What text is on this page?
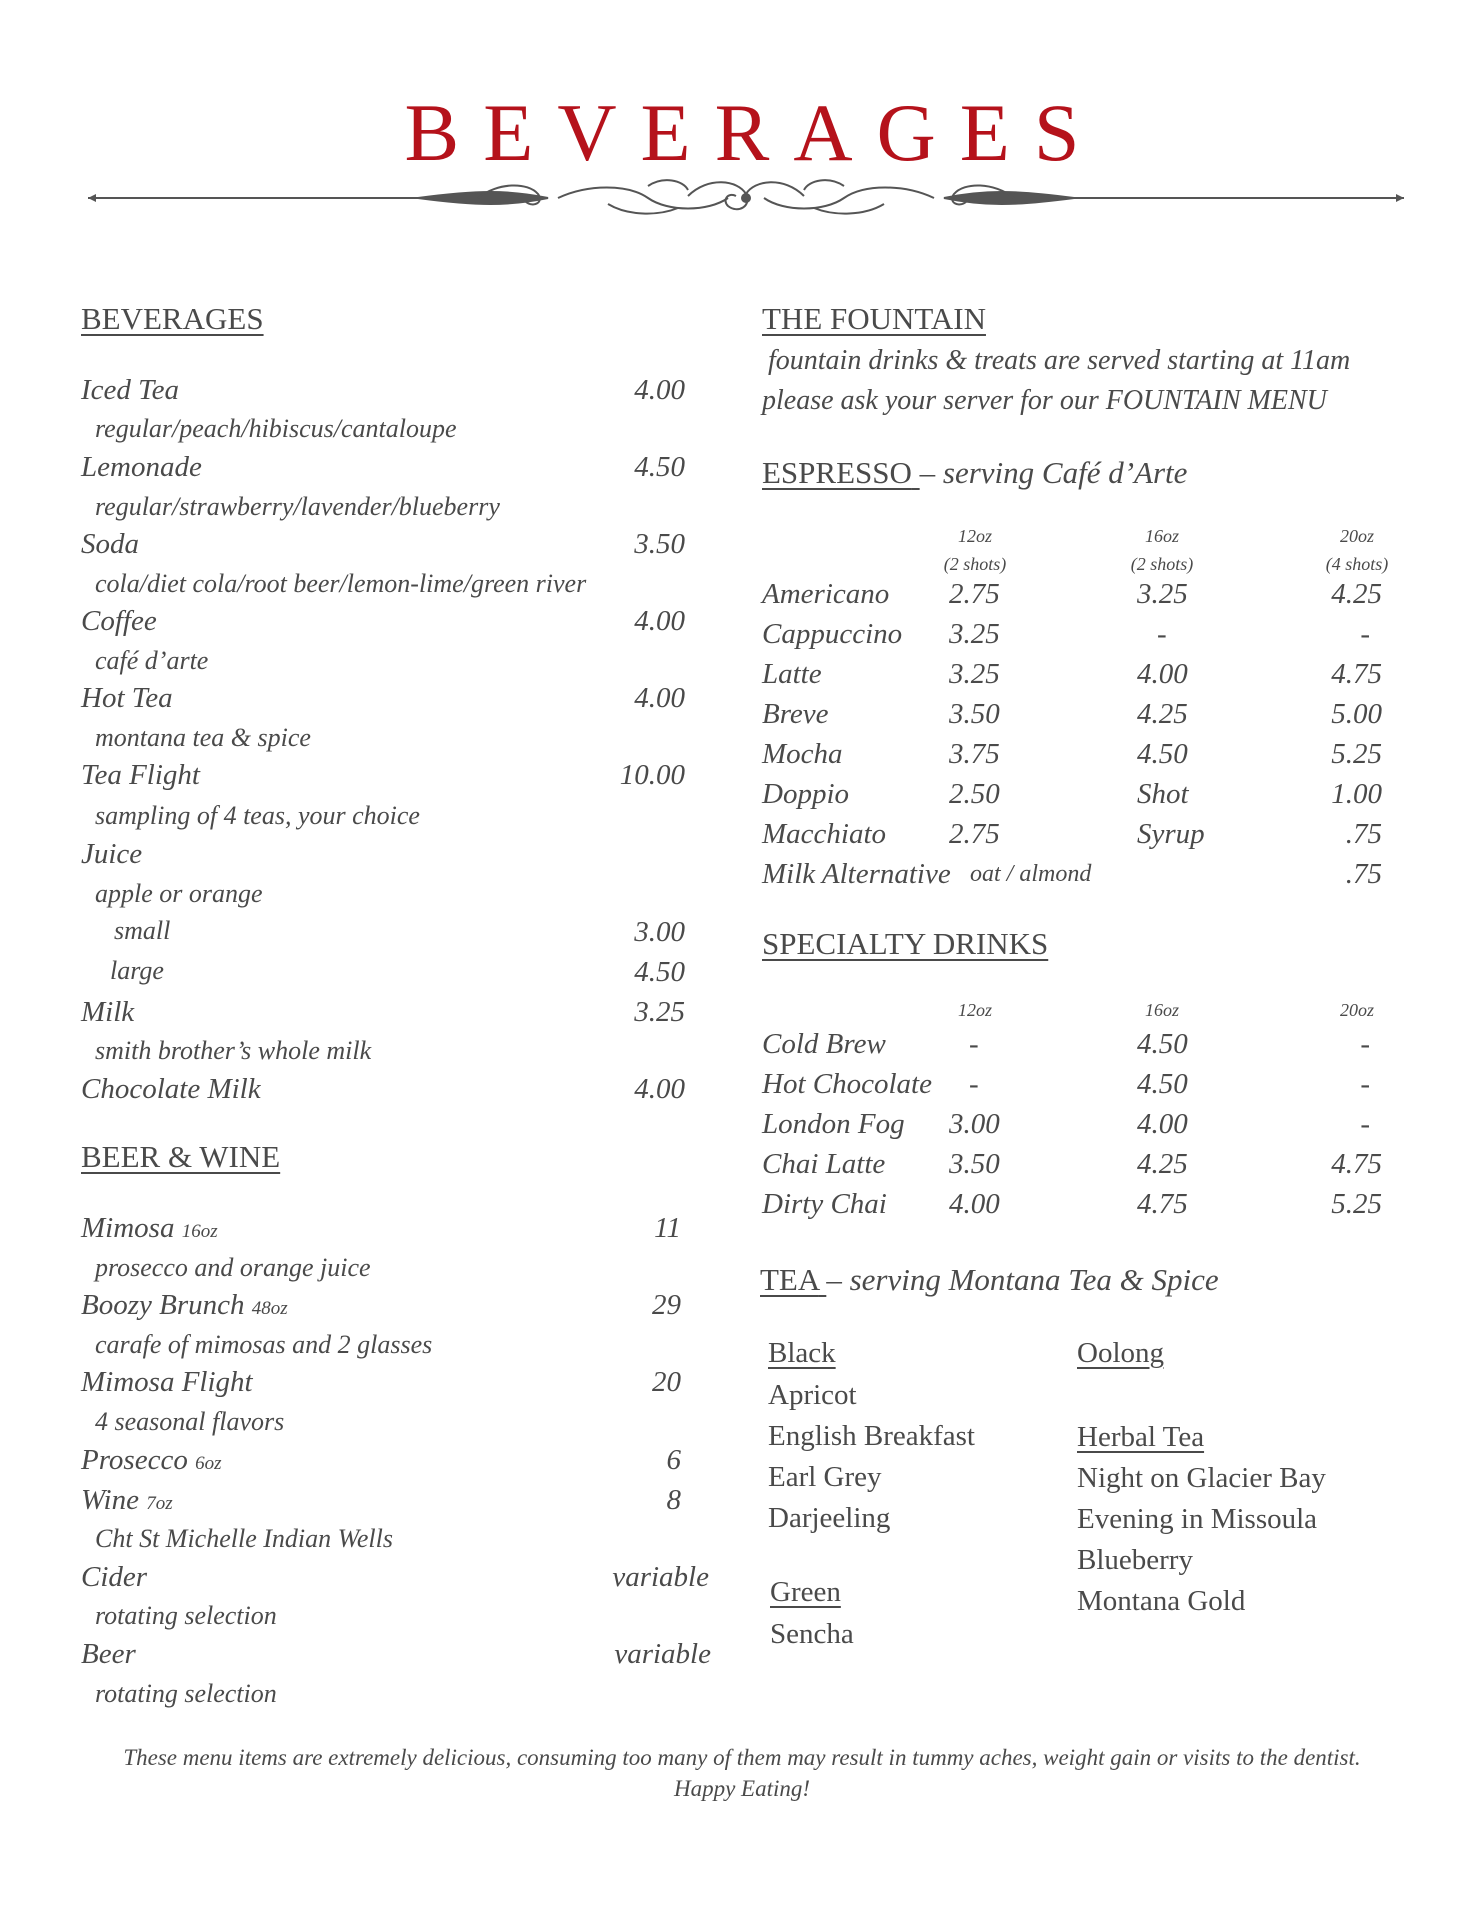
BEVERAGES
BEVERAGES
Iced Tea	4.00
regular/peach/hibiscus/cantaloupe
Lemonade	4.50
regular/strawberry/lavender/blueberry
Soda	3.50
cola/diet cola/root beer/lemon-lime/green river
Coffee	4.00
café d’arte
Hot Tea	4.00
montana tea & spice
Tea Flight	10.00
sampling of 4 teas, your choice
Juice
apple or orange
small	3.00
large	4.50
Milk	3.25
smith brother’s whole milk
Chocolate Milk	4.00
BEER & WINE
Mimosa 16oz	11
prosecco and orange juice
Boozy Brunch 48oz	29
carafe of mimosas and 2 glasses
Mimosa Flight	20
4 seasonal flavors
Prosecco 6oz	6
Wine 7oz	8
Cht St Michelle Indian Wells
Cider	variable
rotating selection
Beer	variable
rotating selection
THE FOUNTAIN
fountain drinks & treats are served starting at 11am
please ask your server for our FOUNTAIN MENU
ESPRESSO – serving Café d’Arte
12oz
(2 shots)
16oz
(2 shots)
20oz
(4 shots)
Americano 2.75	3.25	4.25
Cappuccino 3.25	-	-
Latte	3.25	4.00	4.75
Breve	3.50	4.25	5.00
Mocha	3.75	4.50	5.25
Doppio	2.50	Shot	1.00
Macchiato 2.75	Syrup	.75
Milk Alternative oat / almond	.75
SPECIALTY DRINKS
12oz	16oz	20oz
Cold Brew	-	4.50	-
Hot Chocolate -	4.50	-
London Fog 3.00	4.00	-
Chai Latte 3.50	4.25	4.75
Dirty Chai 4.00	4.75	5.25
TEA – serving Montana Tea & Spice
Black
Apricot
English Breakfast
Earl Grey
Darjeeling
Green
Sencha
Oolong
Herbal Tea
Night on Glacier Bay
Evening in Missoula
Blueberry
Montana Gold
These menu items are extremely delicious, consuming too many of them may result in tummy aches, weight gain or visits to the dentist. Happy Eating!
